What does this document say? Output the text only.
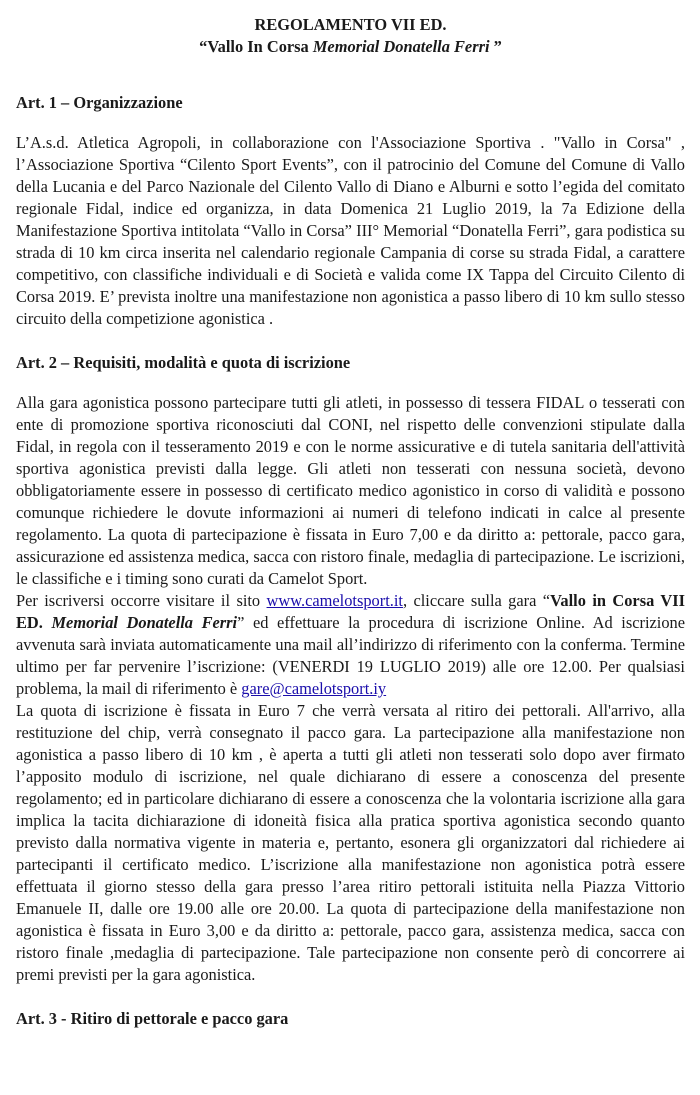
REGOLAMENTO VII ED.

“Vallo In Corsa Memorial Donatella Ferri ”

Art. 1 – Organizzazione

L’A.s.d. Atletica Agropoli, in collaborazione con l'Associazione Sportiva . "Vallo in Corsa" , l’Associazione Sportiva “Cilento Sport Events”, con il patrocinio del Comune del Comune di Vallo della Lucania e del Parco Nazionale del Cilento Vallo di Diano e Alburni e sotto l’egida del comitato regionale Fidal, indice ed organizza, in data Domenica 21 Luglio 2019, la 7a Edizione della Manifestazione Sportiva intitolata “Vallo in Corsa” III° Memorial “Donatella Ferri”, gara podistica su strada di 10 km circa inserita nel calendario regionale Campania di corse su strada Fidal, a carattere competitivo, con classifiche individuali e di Società e valida come IX Tappa del Circuito Cilento di Corsa 2019. E’ prevista inoltre una manifestazione non agonistica a passo libero di 10 km sullo stesso circuito della competizione agonistica .

Art. 2 – Requisiti, modalità e quota di iscrizione

Alla gara agonistica possono partecipare tutti gli atleti, in possesso di tessera FIDAL o tesserati con ente di promozione sportiva riconosciuti dal CONI, nel rispetto delle convenzioni stipulate dalla Fidal, in regola con il tesseramento 2019 e con le norme assicurative e di tutela sanitaria dell'attività sportiva agonistica previsti dalla legge. Gli atleti non tesserati con nessuna società, devono obbligatoriamente essere in possesso di certificato medico agonistico in corso di validità e possono comunque richiedere le dovute informazioni ai numeri di telefono indicati in calce al presente regolamento. La quota di partecipazione è fissata in Euro 7,00 e da diritto a: pettorale, pacco gara, assicurazione ed assistenza medica, sacca con ristoro finale, medaglia di partecipazione. Le iscrizioni, le classifiche e i timing sono curati da Camelot Sport.

Per iscriversi occorre visitare il sito www.camelotsport.it, cliccare sulla gara “Vallo in Corsa VII ED. Memorial Donatella Ferri” ed effettuare la procedura di iscrizione Online. Ad iscrizione avvenuta sarà inviata automaticamente una mail all’indirizzo di riferimento con la conferma. Termine ultimo per far pervenire l’iscrizione: (VENERDI 19 LUGLIO 2019) alle ore 12.00. Per qualsiasi problema, la mail di riferimento è gare@camelotsport.iy

La quota di iscrizione è fissata in Euro 7 che verrà versata al ritiro dei pettorali. All'arrivo, alla restituzione del chip, verrà consegnato il pacco gara. La partecipazione alla manifestazione non agonistica a passo libero di 10 km , è aperta a tutti gli atleti non tesserati solo dopo aver firmato l’apposito modulo di iscrizione, nel quale dichiarano di essere a conoscenza del presente regolamento; ed in particolare dichiarano di essere a conoscenza che la volontaria iscrizione alla gara implica la tacita dichiarazione di idoneità fisica alla pratica sportiva agonistica secondo quanto previsto dalla normativa vigente in materia e, pertanto, esonera gli organizzatori dal richiedere ai partecipanti il certificato medico. L’iscrizione alla manifestazione non agonistica potrà essere effettuata il giorno stesso della gara presso l’area ritiro pettorali istituita nella Piazza Vittorio Emanuele II, dalle ore 19.00 alle ore 20.00. La quota di partecipazione della manifestazione non agonistica è fissata in Euro 3,00 e da diritto a: pettorale, pacco gara, assistenza medica, sacca con ristoro finale ,medaglia di partecipazione. Tale partecipazione non consente però di concorrere ai premi previsti per la gara agonistica.

Art. 3 - Ritiro di pettorale e pacco gara
